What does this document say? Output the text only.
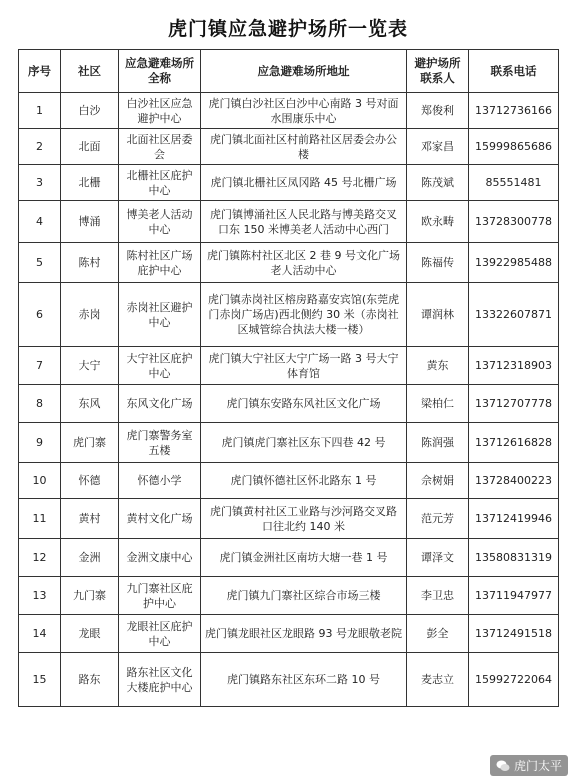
虎门镇应急避护场所一览表
序号	社区	应急避难场所全称	应急避难场所地址	避护场所联系人	联系电话
1	白沙	白沙社区应急避护中心	虎门镇白沙社区白沙中心南路 3 号对面水围康乐中心	郑俊利	13712736166
2	北面	北面社区居委会	虎门镇北面社区村前路社区居委会办公楼	邓家昌	15999865686
3	北栅	北栅社区庇护中心	虎门镇北栅社区凤冈路 45 号北栅广场	陈茂斌	85551481
4	博涌	博美老人活动中心	虎门镇博涌社区人民北路与博美路交叉口东 150 米博美老人活动中心西门	欧永畴	13728300778
5	陈村	陈村社区广场庇护中心	虎门镇陈村社区北区 2 巷 9 号文化广场老人活动中心	陈福传	13922985488
6	赤岗	赤岗社区避护中心	虎门镇赤岗社区榕房路嘉安宾馆(东莞虎门赤岗广场店)西北侧约 30 米（赤岗社区城管综合执法大楼一楼）	谭润林	13322607871
7	大宁	大宁社区庇护中心	虎门镇大宁社区大宁广场一路 3 号大宁体育馆	黄东	13712318903
8	东风	东风文化广场	虎门镇东安路东风社区文化广场	梁柏仁	13712707778
9	虎门寨	虎门寨警务室五楼	虎门镇虎门寨社区东下四巷 42 号	陈润强	13712616828
10	怀德	怀德小学	虎门镇怀德社区怀北路东 1 号	佘树娟	13728400223
11	黄村	黄村文化广场	虎门镇黄村社区工业路与沙河路交叉路口往北约 140 米	范元芳	13712419946
12	金洲	金洲文康中心	虎门镇金洲社区南坊大塘一巷 1 号	谭泽文	13580831319
13	九门寨	九门寨社区庇护中心	虎门镇九门寨社区综合市场三楼	李卫忠	13711947977
14	龙眼	龙眼社区庇护中心	虎门镇龙眼社区龙眼路 93 号龙眼敬老院	彭全	13712491518
15	路东	路东社区文化大楼庇护中心	虎门镇路东社区东环二路 10 号	麦志立	15992722064
虎门太平
